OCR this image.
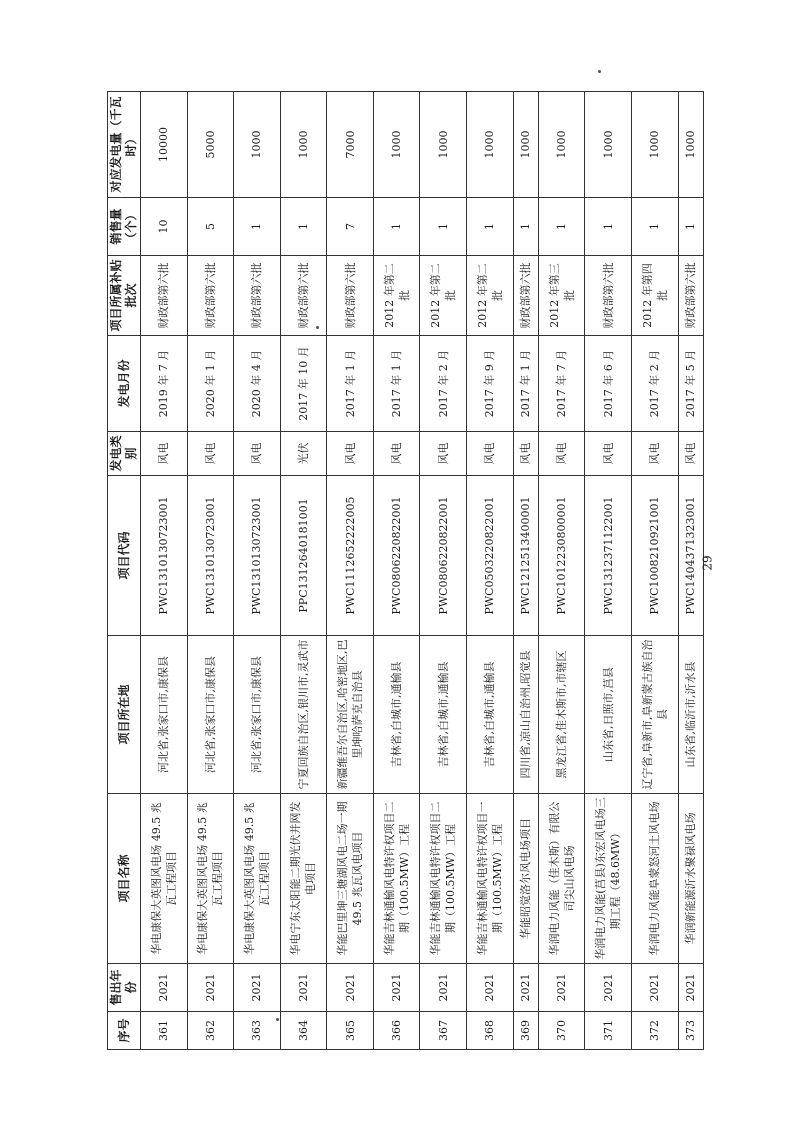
序号	售出年份	项目名称	项目所在地	项目代码	发电类别	发电月份	项目所属补贴批次	销售量（个）	对应发电量（千瓦时）
361	2021	华电康保大英图风电场 49.5 兆瓦工程项目	河北省,张家口市,康保县	PWC1310130723001	风电	2019 年 7 月	财政部第六批	10	10000
362	2021	华电康保大英图风电场 49.5 兆瓦工程项目	河北省,张家口市,康保县	PWC1310130723001	风电	2020 年 1 月	财政部第六批	5	5000
363	2021	华电康保大英图风电场 49.5 兆瓦工程项目	河北省,张家口市,康保县	PWC1310130723001	风电	2020 年 4 月	财政部第六批	1	1000
364	2021	华电宁东太阳能二期光伏并网发电项目	宁夏回族自治区,银川市,灵武市	PPC1312640181001	光伏	2017 年 10 月	财政部第六批	1	1000
365	2021	华能巴里坤三塘湖风电二场一期 49.5 兆瓦风电项目	新疆维吾尔自治区,哈密地区,巴里坤哈萨克自治县	PWC1112652222005	风电	2017 年 1 月	财政部第六批	7	7000
366	2021	华能吉林通榆风电特许权项目二期（100.5MW）工程	吉林省,白城市,通榆县	PWC0806220822001	风电	2017 年 1 月	2012 年第二批	1	1000
367	2021	华能吉林通榆风电特许权项目二期（100.5MW）工程	吉林省,白城市,通榆县	PWC0806220822001	风电	2017 年 2 月	2012 年第二批	1	1000
368	2021	华能吉林通榆风电特许权项目一期（100.5MW）工程	吉林省,白城市,通榆县	PWC0503220822001	风电	2017 年 9 月	2012 年第二批	1	1000
369	2021	华能昭觉洛尔风电场项目	四川省,凉山自治州,昭觉县	PWC1212513400001	风电	2017 年 1 月	财政部第六批	1	1000
370	2021	华润电力风能（佳木斯）有限公司尖山风电场	黑龙江省,佳木斯市,市辖区	PWC1012230800001	风电	2017 年 7 月	2012 年第三批	1	1000
371	2021	华润电力风能(莒县)东宏风电场三期工程（48.6MW）	山东省,日照市,莒县	PWC1312371122001	风电	2017 年 6 月	财政部第六批	1	1000
372	2021	华润电力风能阜蒙怒河土风电场	辽宁省,阜新市,阜新蒙古族自治县	PWC1008210921001	风电	2017 年 2 月	2012 年第四批	1	1000
373	2021	华润新能源沂水聚禄风电场	山东省,临沂市,沂水县	PWC1404371323001	风电	2017 年 5 月	财政部第六批	1	1000
29
